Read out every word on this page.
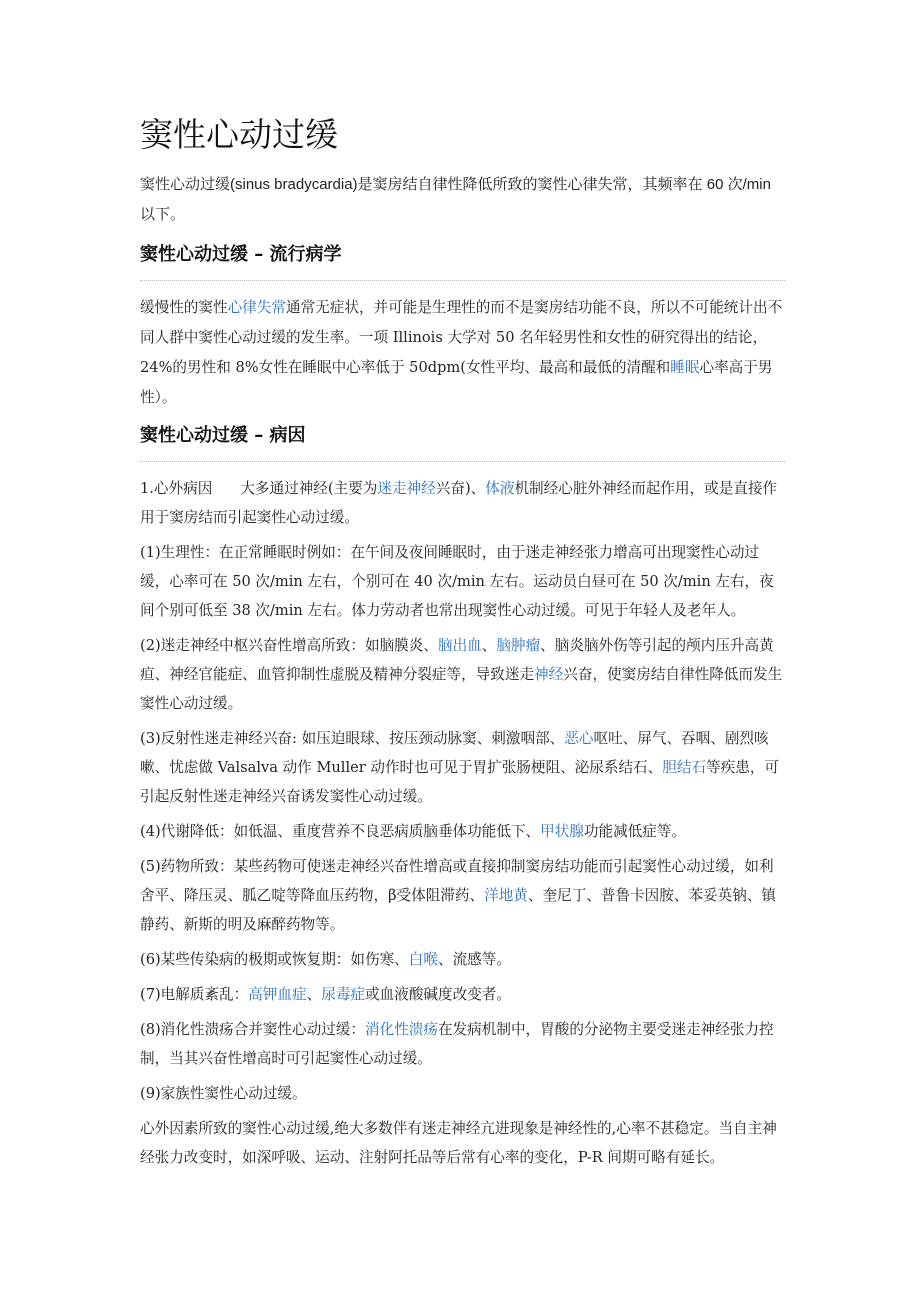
窦性心动过缓

窦性心动过缓(sinus bradycardia)是窦房结自律性降低所致的窦性心律失常，其频率在 60 次/min 以下。

窦性心动过缓 – 流行病学

缓慢性的窦性心律失常通常无症状，并可能是生理性的而不是窦房结功能不良，所以不可能统计出不同人群中窦性心动过缓的发生率。一项 Illinois 大学对 50 名年轻男性和女性的研究得出的结论，24%的男性和 8%女性在睡眠中心率低于 50dpm(女性平均、最高和最低的清醒和睡眠心率高于男性）。

窦性心动过缓 – 病因

1.心外病因 大多通过神经(主要为迷走神经兴奋)、体液机制经心脏外神经而起作用，或是直接作用于窦房结而引起窦性心动过缓。

(1)生理性：在正常睡眠时例如：在午间及夜间睡眠时，由于迷走神经张力增高可出现窦性心动过缓，心率可在 50 次/min 左右，个别可在 40 次/min 左右。运动员白昼可在 50 次/min 左右，夜间个别可低至 38 次/min 左右。体力劳动者也常出现窦性心动过缓。可见于年轻人及老年人。

(2)迷走神经中枢兴奋性增高所致：如脑膜炎、脑出血、脑肿瘤、脑炎脑外伤等引起的颅内压升高黄疸、神经官能症、血管抑制性虚脱及精神分裂症等，导致迷走神经兴奋，使窦房结自律性降低而发生窦性心动过缓。

(3)反射性迷走神经兴奋: 如压迫眼球、按压颈动脉窦、刺激咽部、恶心呕吐、屏气、吞咽、剧烈咳嗽、忧虑做 Valsalva 动作 Muller 动作时也可见于胃扩张肠梗阻、泌尿系结石、胆结石等疾患，可引起反射性迷走神经兴奋诱发窦性心动过缓。

(4)代谢降低：如低温、重度营养不良恶病质脑垂体功能低下、甲状腺功能减低症等。

(5)药物所致：某些药物可使迷走神经兴奋性增高或直接抑制窦房结功能而引起窦性心动过缓，如利舍平、降压灵、胍乙啶等降血压药物，β受体阻滞药、洋地黄、奎尼丁、普鲁卡因胺、苯妥英钠、镇静药、新斯的明及麻醉药物等。

(6)某些传染病的极期或恢复期：如伤寒、白喉、流感等。

(7)电解质紊乱：高钾血症、尿毒症或血液酸碱度改变者。

(8)消化性溃疡合并窦性心动过缓：消化性溃疡在发病机制中，胃酸的分泌物主要受迷走神经张力控制，当其兴奋性增高时可引起窦性心动过缓。

(9)家族性窦性心动过缓。

心外因素所致的窦性心动过缓,绝大多数伴有迷走神经亢进现象是神经性的,心率不甚稳定。当自主神经张力改变时，如深呼吸、运动、注射阿托品等后常有心率的变化，P-R 间期可略有延长。
